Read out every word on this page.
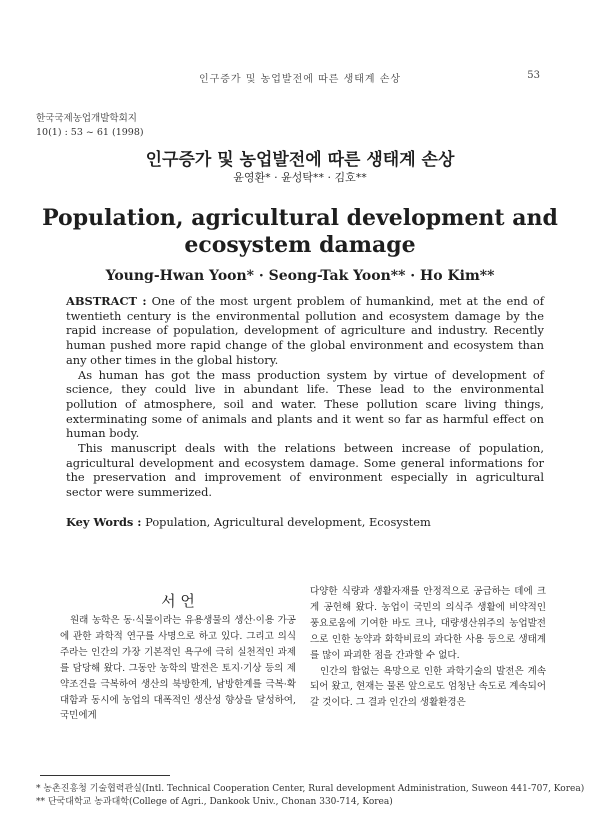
인구증가 및 농업발전에 따른 생태계 손상	53
한국국제농업개발학회지
10(1) : 53 ~ 61 (1998)
인구증가 및 농업발전에 따른 생태계 손상
윤영환* · 윤성탁** · 김호**
Population, agricultural development and
ecosystem damage
Young-Hwan Yoon* · Seong-Tak Yoon** · Ho Kim**

ABSTRACT : One of the most urgent problem of humankind, met at the end of twentieth century is the environmental pollution and ecosystem damage by the rapid increase of population, development of agriculture and industry. Recently human pushed more rapid change of the global environment and ecosystem than any other times in the global history.

As human has got the mass production system by virtue of development of science, they could live in abundant life. These lead to the environmental pollution of atmosphere, soil and water. These pollution scare living things, exterminating some of animals and plants and it went so far as harmful effect on human body.

This manuscript deals with the relations between increase of population, agricultural development and ecosystem damage. Some general informations for the preservation and improvement of environment especially in agricultural sector were summerized.

Key Words : Population, Agricultural development, Ecosystem
서 언

원래 농학은 동·식물이라는 유용생물의 생산·이용 가공에 관한 과학적 연구를 사명으로 하고 있다. 그리고 의식주라는 인간의 가장 기본적인 욕구에 극히 실천적인 과제를 담당해 왔다. 그동안 농학의 발전은 토지·기상 등의 제약조건을 극복하여 생산의 북방한계, 남방한계를 극복·확대함과 동시에 농업의 대폭적인 생산성 향상을 달성하여, 국민에게

다양한 식량과 생활자재를 안정적으로 공급하는 데에 크게 공헌해 왔다. 농업이 국민의 의식주 생활에 비약적인 풍요로움에 기여한 바도 크나, 대량생산위주의 농업발전으로 인한 농약과 화학비료의 과다한 사용 등으로 생태계를 많이 파괴한 점을 간과할 수 없다.

인간의 합없는 욕망으로 인한 과학기술의 발전은 계속되어 왔고, 현재는 물론 앞으로도 엄청난 속도로 계속되어 갈 것이다. 그 결과 인간의 생활환경은

* 농촌진흥청 기술협력관실(Intl. Technical Cooperation Center, Rural development Administration, Suweon 441-707, Korea)
** 단국대학교 농과대학(College of Agri., Dankook Univ., Chonan 330-714, Korea)
